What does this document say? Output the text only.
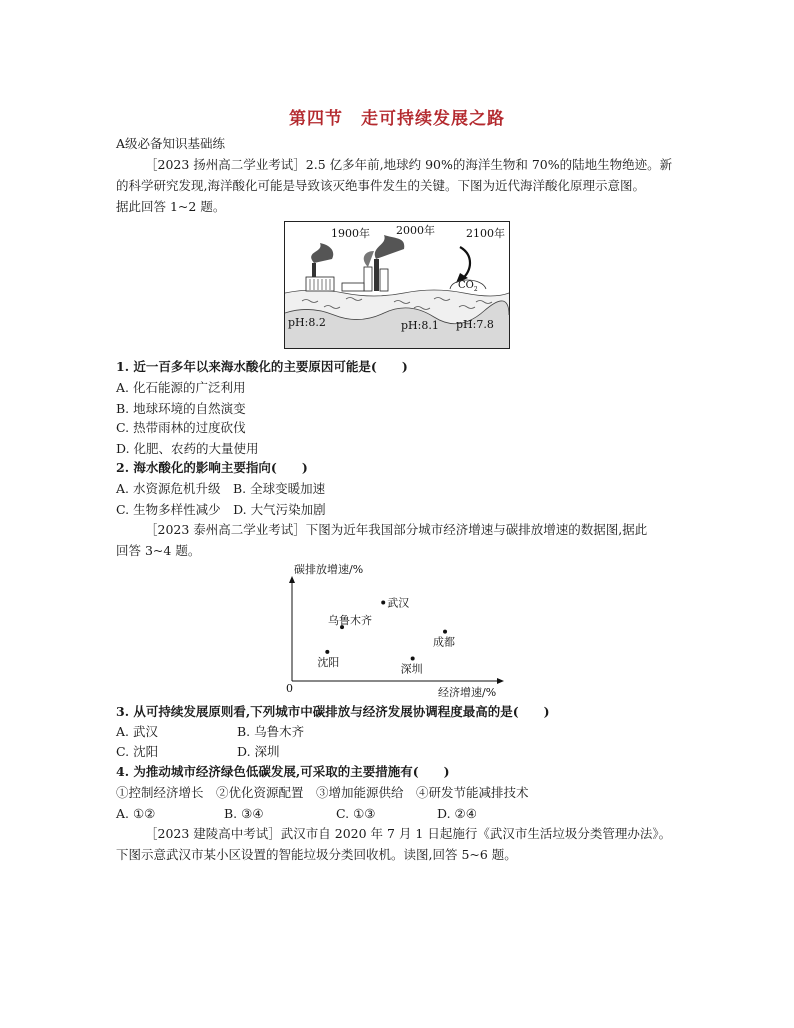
第四节　走可持续发展之路
A级必备知识基础练
［2023 扬州高二学业考试］2.5 亿多年前,地球约 90%的海洋生物和 70%的陆地生物绝迹。新
的科学研究发现,海洋酸化可能是导致该灭绝事件发生的关键。下图为近代海洋酸化原理示意图。
据此回答 1~2 题。
$CO_2$
1900年 2000年	2100年
pH:8.2	pH:8.1 pH:7.8
1. 近一百多年以来海水酸化的主要原因可能是(　　)
A. 化石能源的广泛利用
B. 地球环境的自然演变
C. 热带雨林的过度砍伐
D. 化肥、农药的大量使用
2. 海水酸化的影响主要指向(　　)
A. 水资源危机升级　B. 全球变暖加速
C. 生物多样性减少　D. 大气污染加剧
［2023 泰州高二学业考试］下图为近年我国部分城市经济增速与碳排放增速的数据图,据此
回答 3~4 题。
碳排放增速/%
经济增速/%
0
武汉
乌鲁木齐
成都
沈阳
深圳
3. 从可持续发展原则看,下列城市中碳排放与经济发展协调程度最高的是(　　)
A. 武汉	B. 乌鲁木齐
C. 沈阳	D. 深圳
4. 为推动城市经济绿色低碳发展,可采取的主要措施有(　　)
①控制经济增长　②优化资源配置　③增加能源供给　④研发节能减排技术
A. ①②	B. ③④	C. ①③	D. ②④
［2023 建陵高中考试］武汉市自 2020 年 7 月 1 日起施行《武汉市生活垃圾分类管理办法》。
下图示意武汉市某小区设置的智能垃圾分类回收机。读图,回答 5~6 题。
